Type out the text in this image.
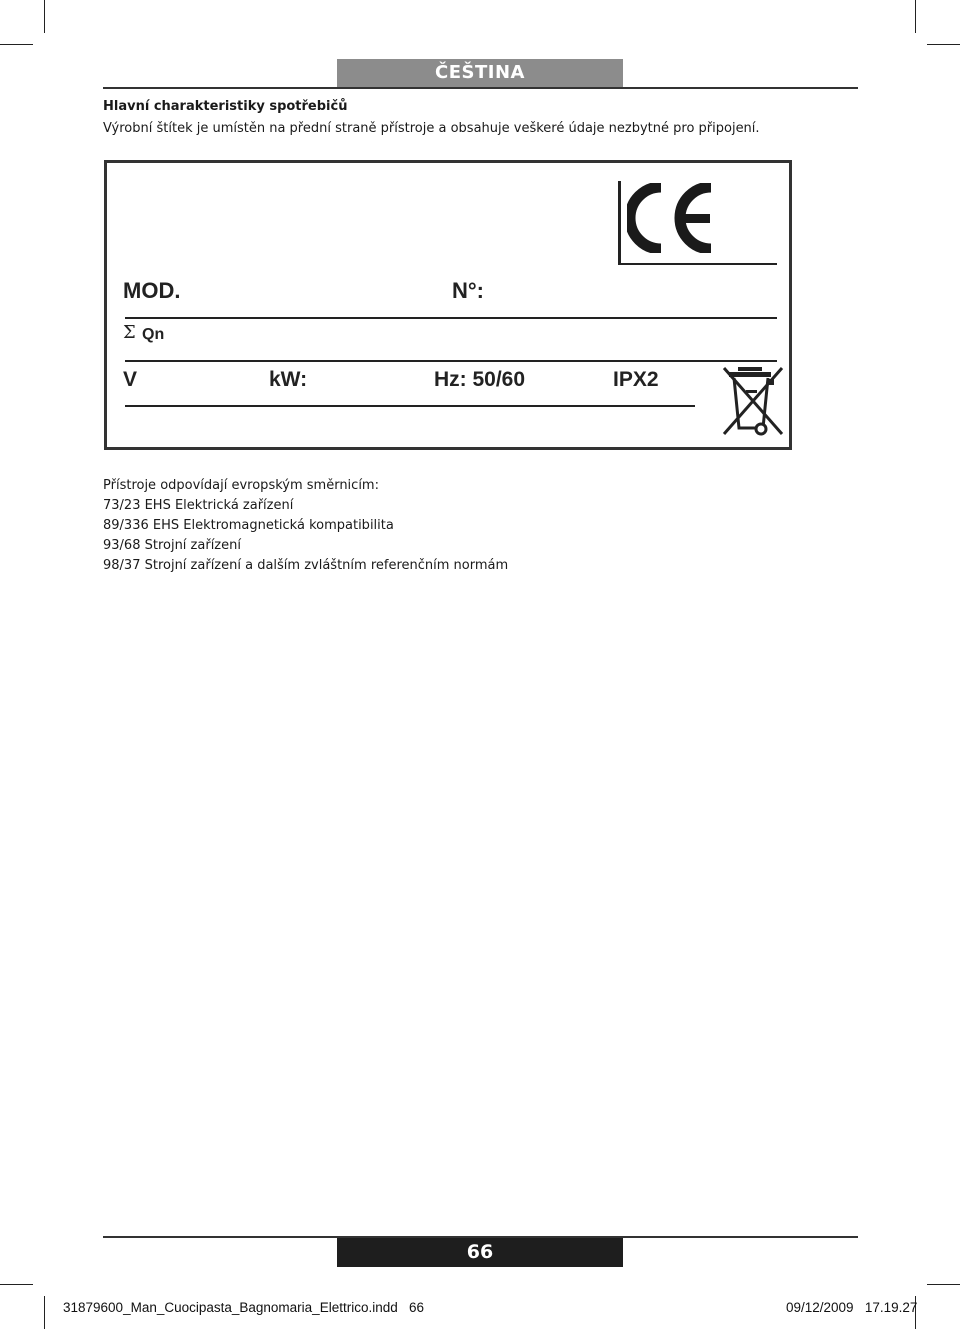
ČEŠTINA
Hlavní charakteristiky spotřebičů
Výrobní štítek je umístěn na přední straně přístroje a obsahuje veškeré údaje nezbytné pro připojení.
MOD.	N°:
Σ Qn
V	kW:	Hz: 50/60	IPX2
Přístroje odpovídají evropským směrnicím:
73/23 EHS Elektrická zařízení
89/336 EHS Elektromagnetická kompatibilita
93/68 Strojní zařízení
98/37 Strojní zařízení a dalším zvláštním referenčním normám
66
31879600_Man_Cuocipasta_Bagnomaria_Elettrico.indd   66	09/12/2009   17.19.27
